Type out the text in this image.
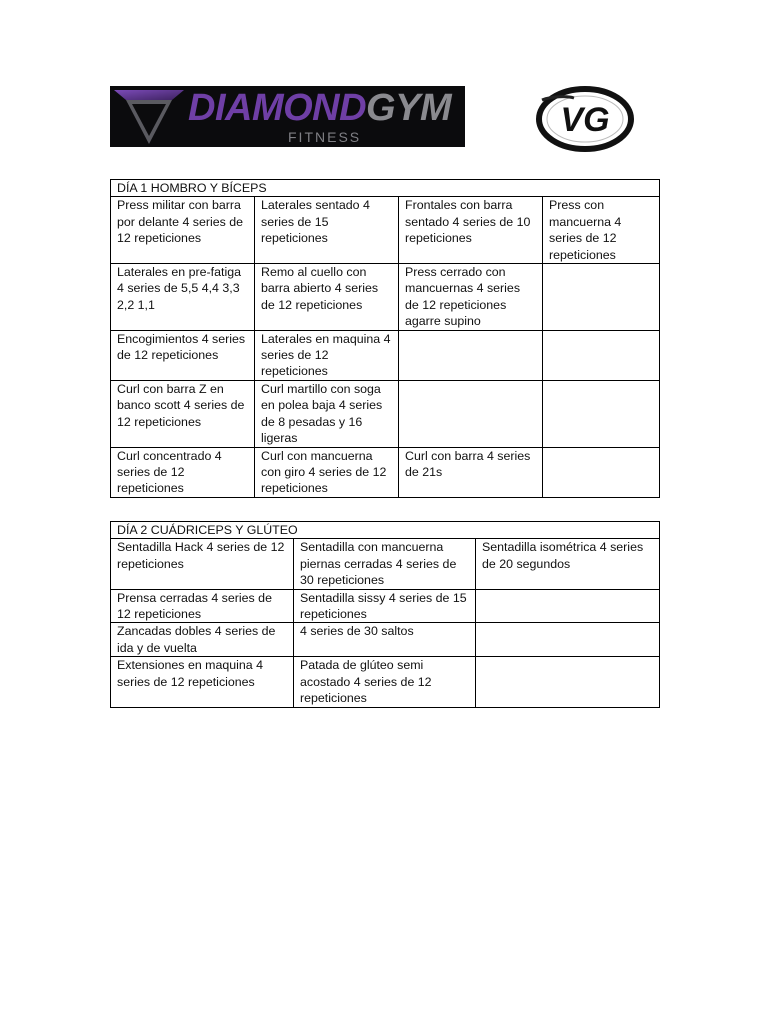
DIAMONDGYM
FITNESS	VG
DÍA 1 HOMBRO Y BÍCEPS			
Press militar con barra por delante 4 series de 12 repeticiones	Laterales sentado 4 series de 15 repeticiones	Frontales con barra sentado 4 series de 10 repeticiones	Press con mancuerna 4 series de 12 repeticiones
Laterales en pre-fatiga 4 series de 5,5 4,4 3,3 2,2 1,1	Remo al cuello con barra abierto 4 series de 12 repeticiones	Press cerrado con mancuernas 4 series de 12 repeticiones agarre supino	
Encogimientos 4 series de 12 repeticiones	Laterales en maquina 4 series de 12 repeticiones		
Curl con barra Z en banco scott 4 series de 12 repeticiones	Curl martillo con soga en polea baja 4 series de 8 pesadas y 16 ligeras		
Curl concentrado 4 series de 12 repeticiones	Curl con mancuerna con giro 4 series de 12 repeticiones	Curl con barra 4 series de 21s	
DÍA 2 CUÁDRICEPS Y GLÚTEO		
Sentadilla Hack 4 series de 12 repeticiones	Sentadilla con mancuerna piernas cerradas 4 series de 30 repeticiones	Sentadilla isométrica 4 series de 20 segundos
Prensa cerradas 4 series de 12 repeticiones	Sentadilla sissy 4 series de 15 repeticiones	
Zancadas dobles 4 series de ida y de vuelta	4 series de 30 saltos	
Extensiones en maquina 4 series de 12 repeticiones	Patada de glúteo semi acostado 4 series de 12 repeticiones	
